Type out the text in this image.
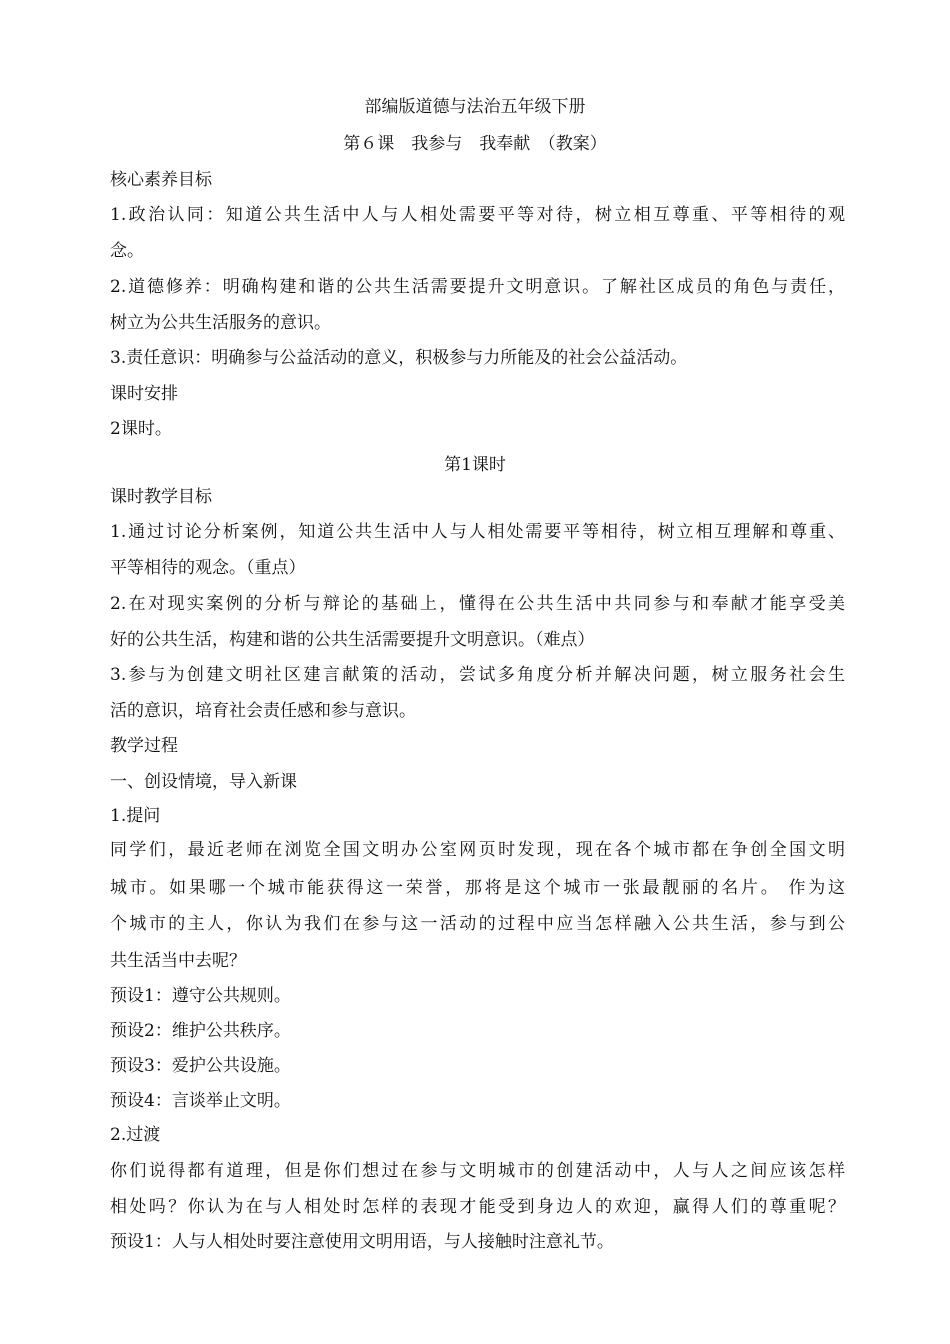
部编版道德与法治五年级下册
第６课　我参与　我奉献　（教案）
核心素养目标
1.政治认同：知道公共生活中人与人相处需要平等对待，树立相互尊重、平等相待的观
念。
2.道德修养：明确构建和谐的公共生活需要提升文明意识。了解社区成员的角色与责任，
树立为公共生活服务的意识。
3.责任意识：明确参与公益活动的意义，积极参与力所能及的社会公益活动。
课时安排
2课时。
第1课时
课时教学目标
1.通过讨论分析案例，知道公共生活中人与人相处需要平等相待，树立相互理解和尊重、
平等相待的观念。（重点）
2.在对现实案例的分析与辩论的基础上，懂得在公共生活中共同参与和奉献才能享受美
好的公共生活，构建和谐的公共生活需要提升文明意识。（难点）
3.参与为创建文明社区建言献策的活动，尝试多角度分析并解决问题，树立服务社会生
活的意识，培育社会责任感和参与意识。
教学过程
一、创设情境，导入新课
1.提问
同学们，最近老师在浏览全国文明办公室网页时发现，现在各个城市都在争创全国文明
城市。如果哪一个城市能获得这一荣誉，那将是这个城市一张最靓丽的名片。 作为这
个城市的主人，你认为我们在参与这一活动的过程中应当怎样融入公共生活，参与到公
共生活当中去呢？
预设1：遵守公共规则。
预设2：维护公共秩序。
预设3：爱护公共设施。
预设4：言谈举止文明。
2.过渡
你们说得都有道理，但是你们想过在参与文明城市的创建活动中，人与人之间应该怎样
相处吗？你认为在与人相处时怎样的表现才能受到身边人的欢迎，赢得人们的尊重呢？
预设1：人与人相处时要注意使用文明用语，与人接触时注意礼节。
